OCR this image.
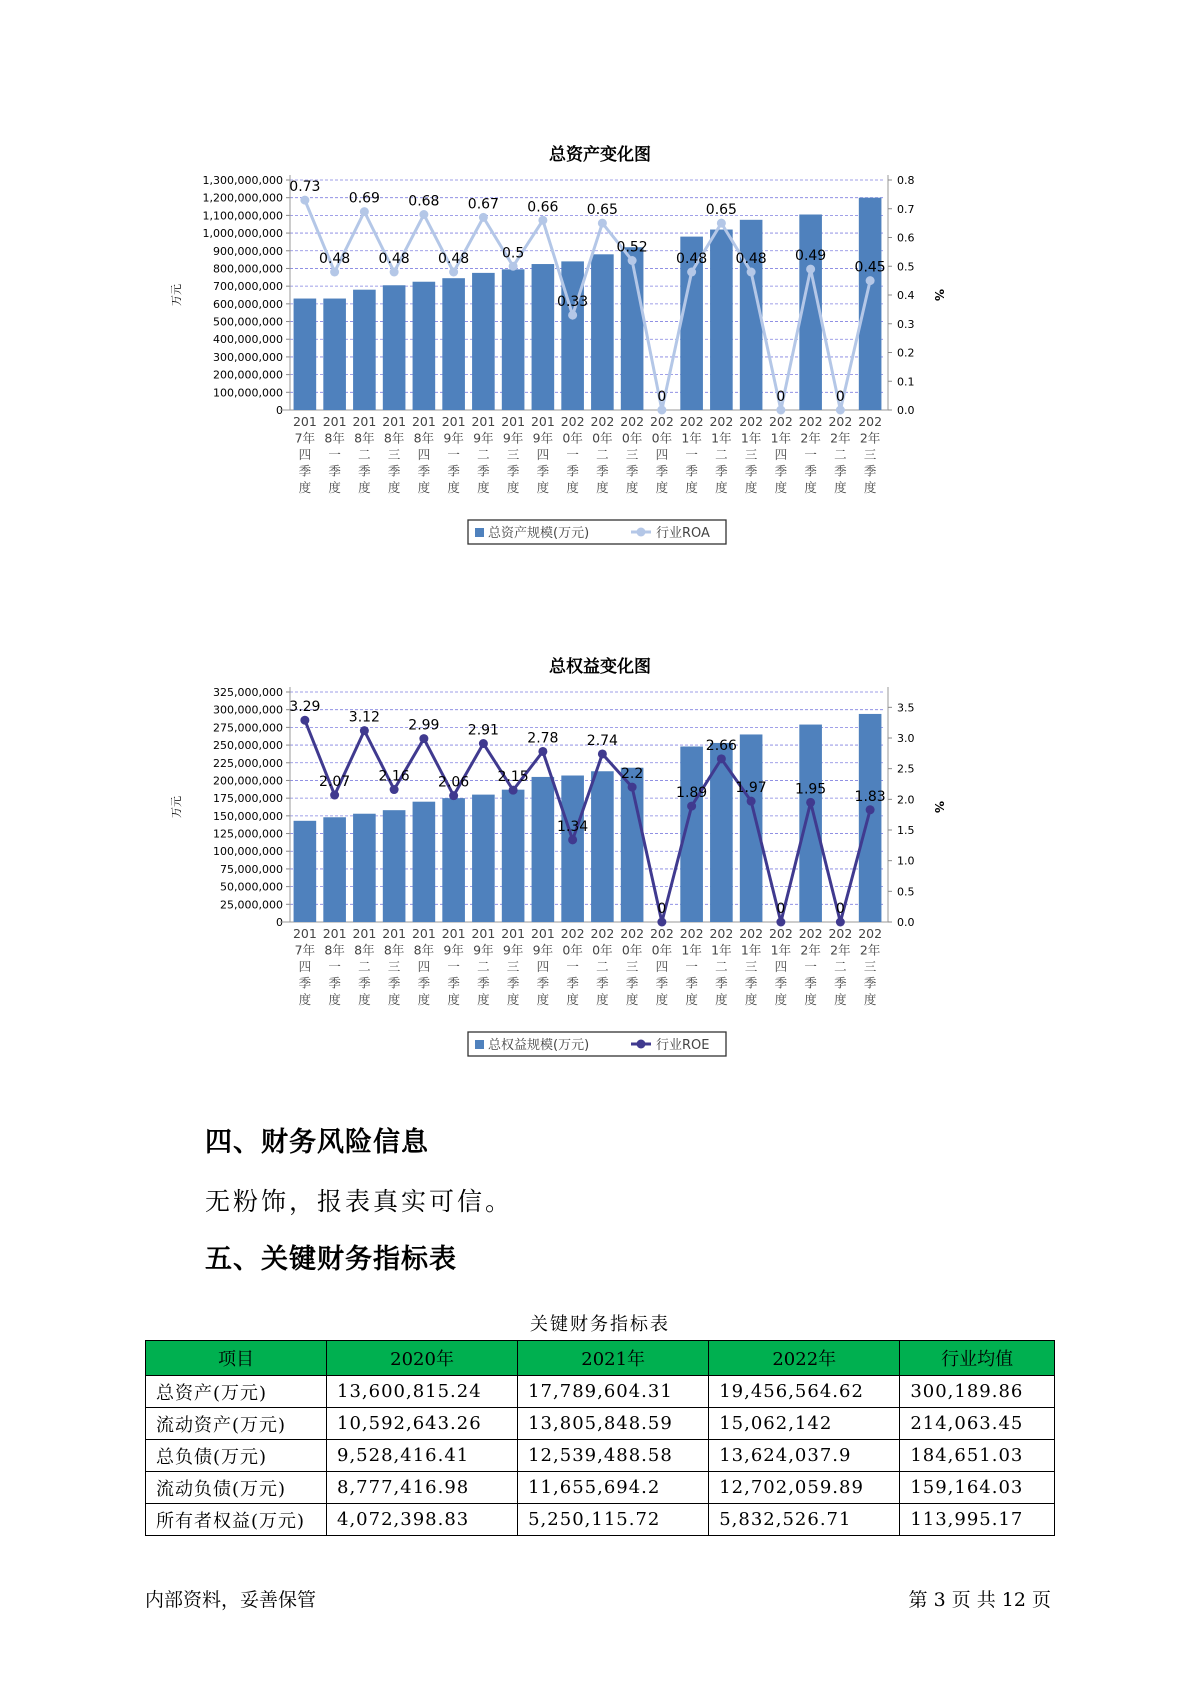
总资产变化图
0
100,000,000
200,000,000
300,000,000
400,000,000
500,000,000
600,000,000
700,000,000
800,000,000
900,000,000
1,000,000,000
1,100,000,000
1,200,000,000
1,300,000,000
0.0
0.1
0.2
0.3
0.4
0.5
0.6
0.7
0.8
万元	%
201
7年
四
季
度
201
8年
一
季
度
201
8年
二
季
度
201
8年
三
季
度
201
8年
四
季
度
201
9年
一
季
度
201
9年
二
季
度
201
9年
三
季
度
201
9年
四
季
度
202
0年
一
季
度
202
0年
二
季
度
202
0年
三
季
度
202
0年
四
季
度
202
1年
一
季
度
202
1年
二
季
度
202
1年
三
季
度
202
1年
四
季
度
202
2年
一
季
度
202
2年
二
季
度
202
2年
三
季
度
0.73
0.48
0.69
0.48
0.68
0.48
0.67
0.5
0.66
0.33
0.65
0.52
0
0.48
0.65
0.48
0
0.49
0
0.45
总资产规模(万元)	行业ROA
总权益变化图
0
25,000,000
50,000,000
75,000,000
100,000,000
125,000,000
150,000,000
175,000,000
200,000,000
225,000,000
250,000,000
275,000,000
300,000,000
325,000,000
0.0
0.5
1.0
1.5
2.0
2.5
3.0
3.5
万元	%
201
7年
四
季
度
201
8年
一
季
度
201
8年
二
季
度
201
8年
三
季
度
201
8年
四
季
度
201
9年
一
季
度
201
9年
二
季
度
201
9年
三
季
度
201
9年
四
季
度
202
0年
一
季
度
202
0年
二
季
度
202
0年
三
季
度
202
0年
四
季
度
202
1年
一
季
度
202
1年
二
季
度
202
1年
三
季
度
202
1年
四
季
度
202
2年
一
季
度
202
2年
二
季
度
202
2年
三
季
度
3.29
2.07
3.12
2.16
2.99
2.06
2.91
2.15
2.78
1.34
2.74
2.2
0
1.89
2.66
1.97
0
1.95
0
1.83
总权益规模(万元)	行业ROE
四、财务风险信息
无粉饰，报表真实可信。
五、关键财务指标表
关键财务指标表
项目	2020年	2021年	2022年	行业均值
总资产(万元)	13,600,815.24	17,789,604.31	19,456,564.62	300,189.86
流动资产(万元)	10,592,643.26	13,805,848.59	15,062,142	214,063.45
总负债(万元)	9,528,416.41	12,539,488.58	13,624,037.9	184,651.03
流动负债(万元)	8,777,416.98	11,655,694.2	12,702,059.89	159,164.03
所有者权益(万元)	4,072,398.83	5,250,115.72	5,832,526.71	113,995.17
内部资料，妥善保管	第 3 页 共 12 页
